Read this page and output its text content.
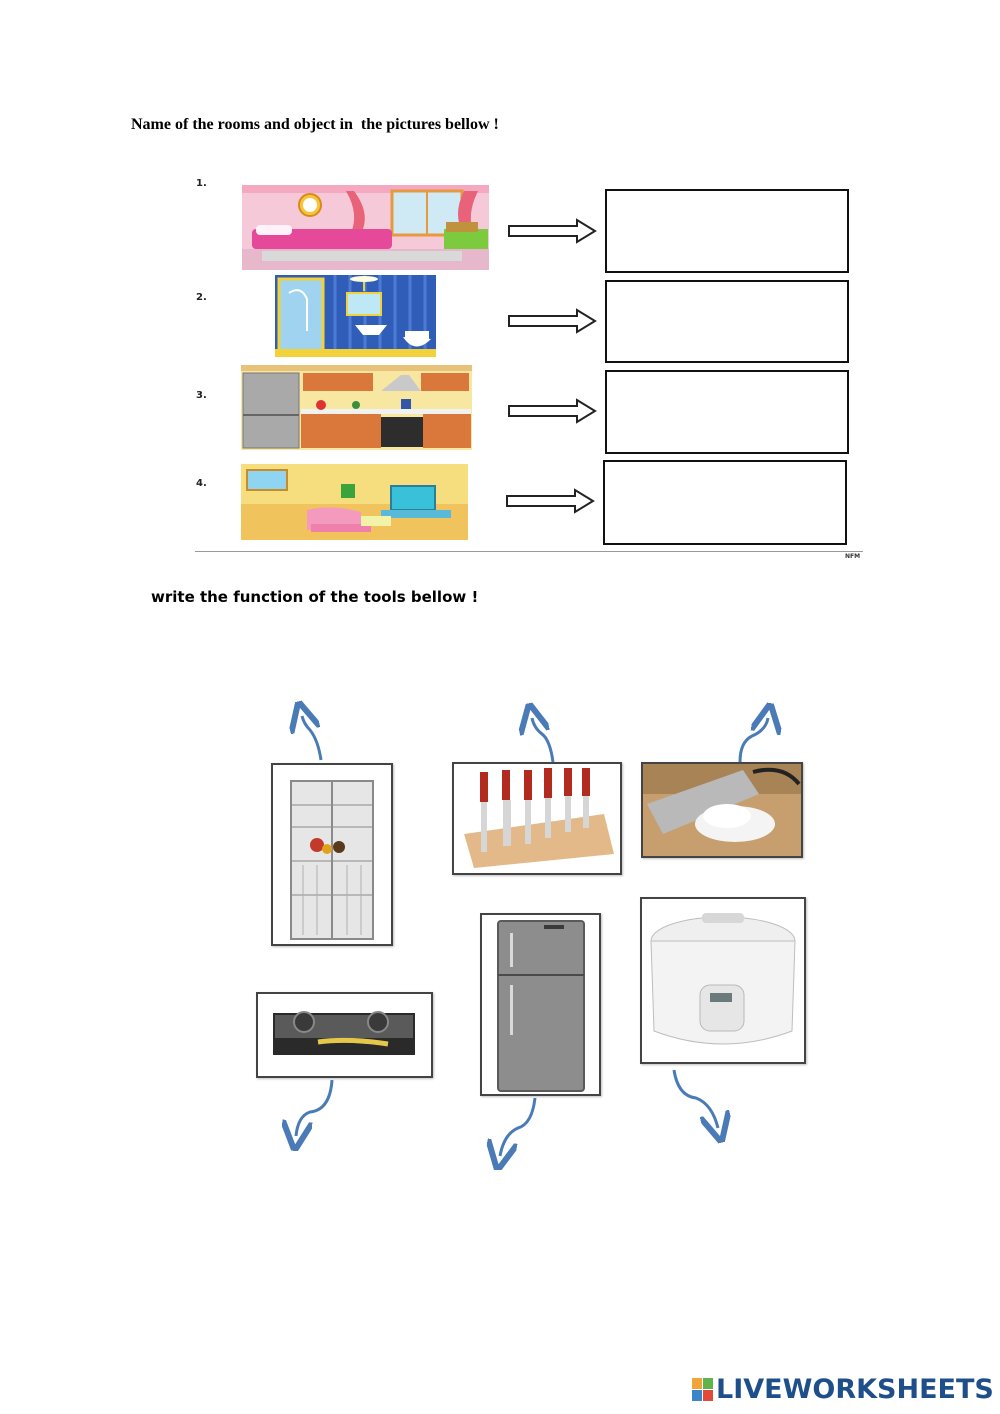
Name of the rooms and object in  the pictures bellow !
1.
2.
3.
4.
NFM
write the function of the tools bellow !
LIVEWORKSHEETS
